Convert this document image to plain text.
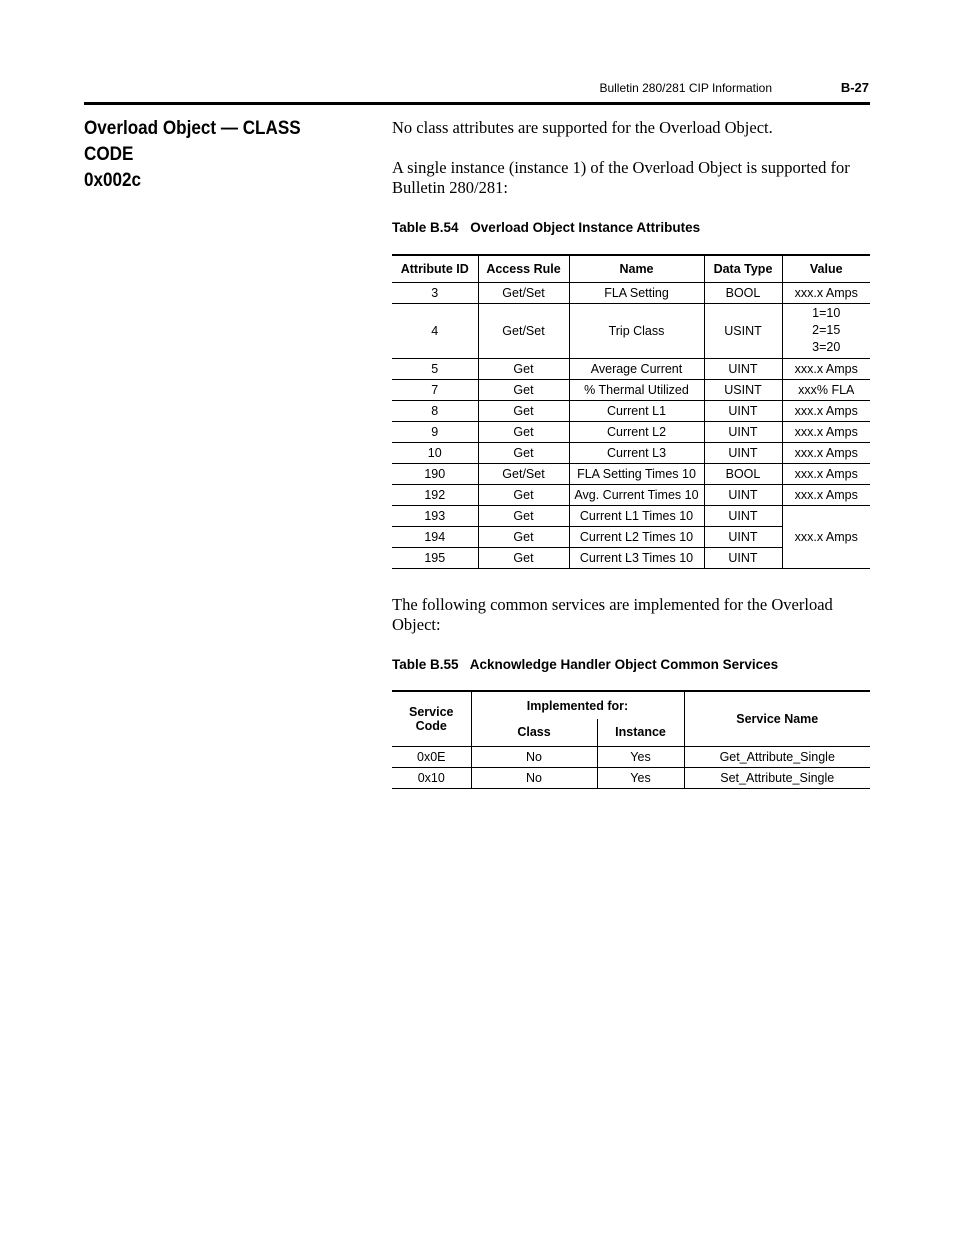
Bulletin 280/281 CIP Information	B-27
Overload Object — CLASS CODE
0x002c
No class attributes are supported for the Overload Object.
A single instance (instance 1) of the Overload Object is supported for Bulletin 280/281:
Table B.54 Overload Object Instance Attributes
Attribute ID	Access Rule	Name	Data Type	Value
3	Get/Set	FLA Setting	BOOL	xxx.x Amps
4	Get/Set	Trip Class	USINT	1=10
2=15
3=20

5	Get	Average Current	UINT	xxx.x Amps
7	Get	% Thermal Utilized	USINT	xxx% FLA
8	Get	Current L1	UINT	xxx.x Amps
9	Get	Current L2	UINT	xxx.x Amps
10	Get	Current L3	UINT	xxx.x Amps
190	Get/Set	FLA Setting Times 10	BOOL	xxx.x Amps
192	Get	Avg. Current Times 10	UINT	xxx.x Amps
193	Get	Current L1 Times 10	UINT	xxx.x Amps
194	Get	Current L2 Times 10	UINT	
195	Get	Current L3 Times 10	UINT	
The following common services are implemented for the Overload Object:
Table B.55 Acknowledge Handler Object Common Services
Service Code	Implemented for:		Service Name
	Class	Instance	
0x0E	No	Yes	Get_Attribute_Single
0x10	No	Yes	Set_Attribute_Single
